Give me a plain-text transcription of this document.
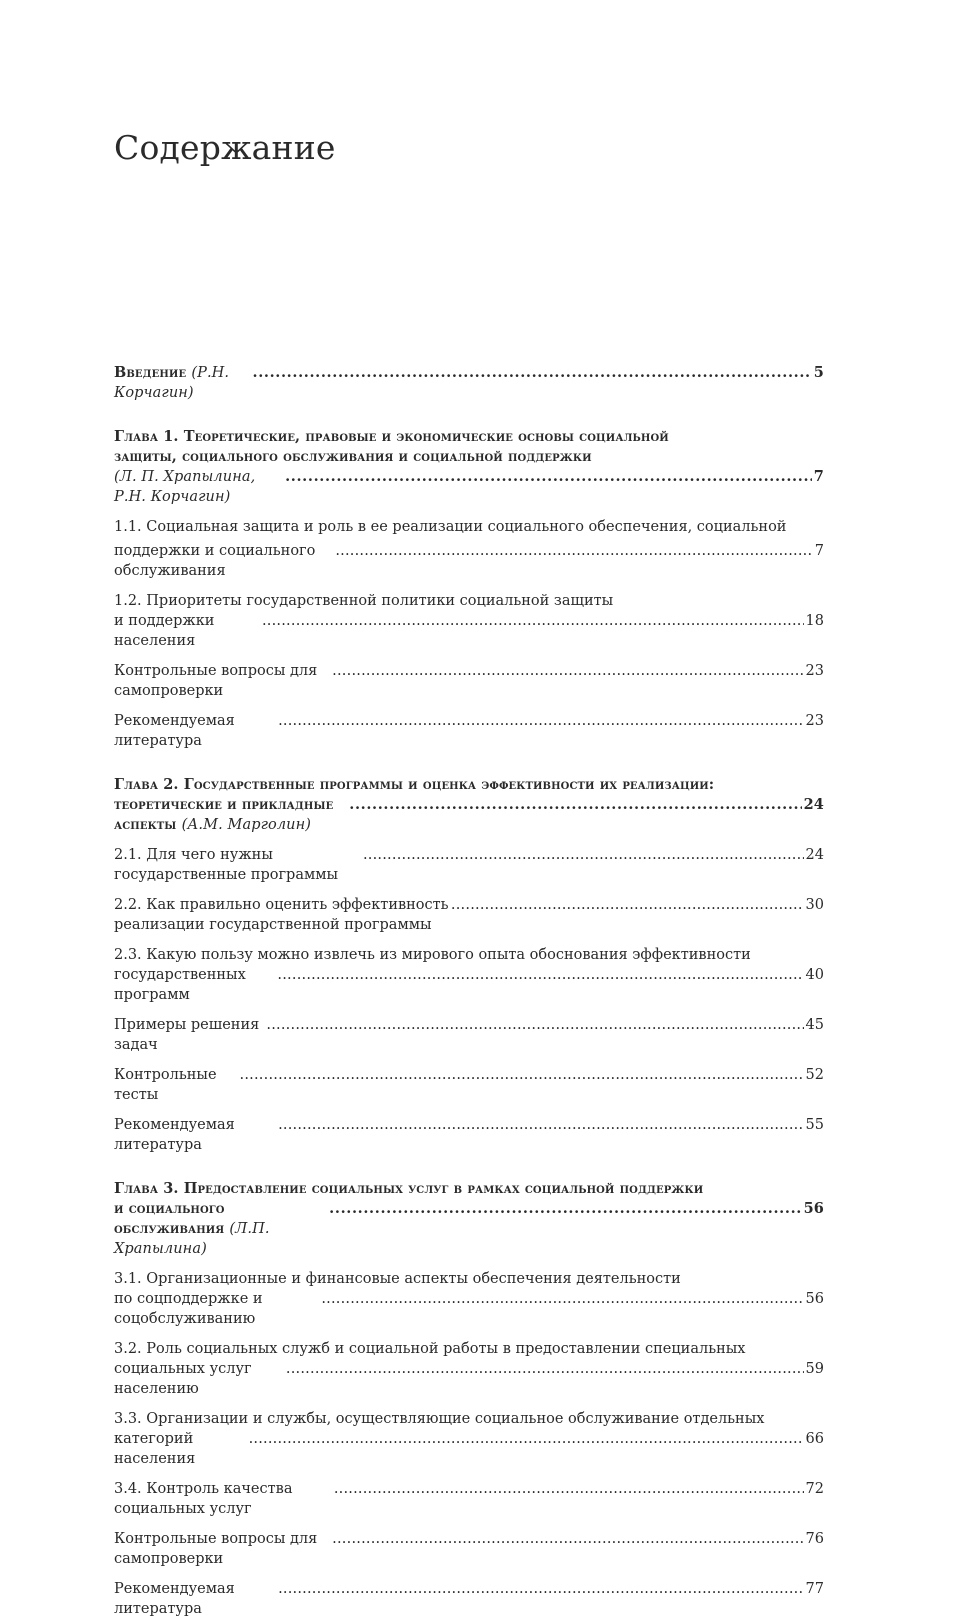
Содержание
Введение (Р.Н. Корчагин)
. . .
5
Глава 1. Теоретические, правовые и экономические основы социальной
защиты, социального обслуживания и социальной поддержки
(Л. П. Храпылина, Р.Н. Корчагин)
. . .
7
1.1. Социальная защита и роль в ее реализации социального обеспечения, социальной
поддержки и социального обслуживания
. . .
7
1.2. Приоритеты государственной политики социальной защиты
и поддержки населения
. . .
18
Контрольные вопросы для самопроверки
. . .
23
Рекомендуемая литература
. . .
23
Глава 2. Государственные программы и оценка эффективности их реализации:
теоретические и прикладные аспекты (А.М. Марголин)
. . .
24
2.1. Для чего нужны государственные программы
. . .
24
2.2. Как правильно оценить эффективность реализации государственной программы
. . .
30
2.3. Какую пользу можно извлечь из мирового опыта обоснования эффективности
государственных программ
. . .
40
Примеры решения задач
. . .
45
Контрольные тесты
. . .
52
Рекомендуемая литература
. . .
55
Глава 3. Предоставление социальных услуг в рамках социальной поддержки
и социального обслуживания (Л.П. Храпылина)
. . .
56
3.1. Организационные и финансовые аспекты обеспечения деятельности
по соцподдержке и соцобслуживанию
. . .
56
3.2. Роль социальных служб и социальной работы в предоставлении специальных
социальных услуг населению
. . .
59
3.3. Организации и службы, осуществляющие социальное обслуживание отдельных
категорий населения
. . .
66
3.4. Контроль качества социальных услуг
. . .
72
Контрольные вопросы для самопроверки
. . .
76
Рекомендуемая литература
. . .
77
